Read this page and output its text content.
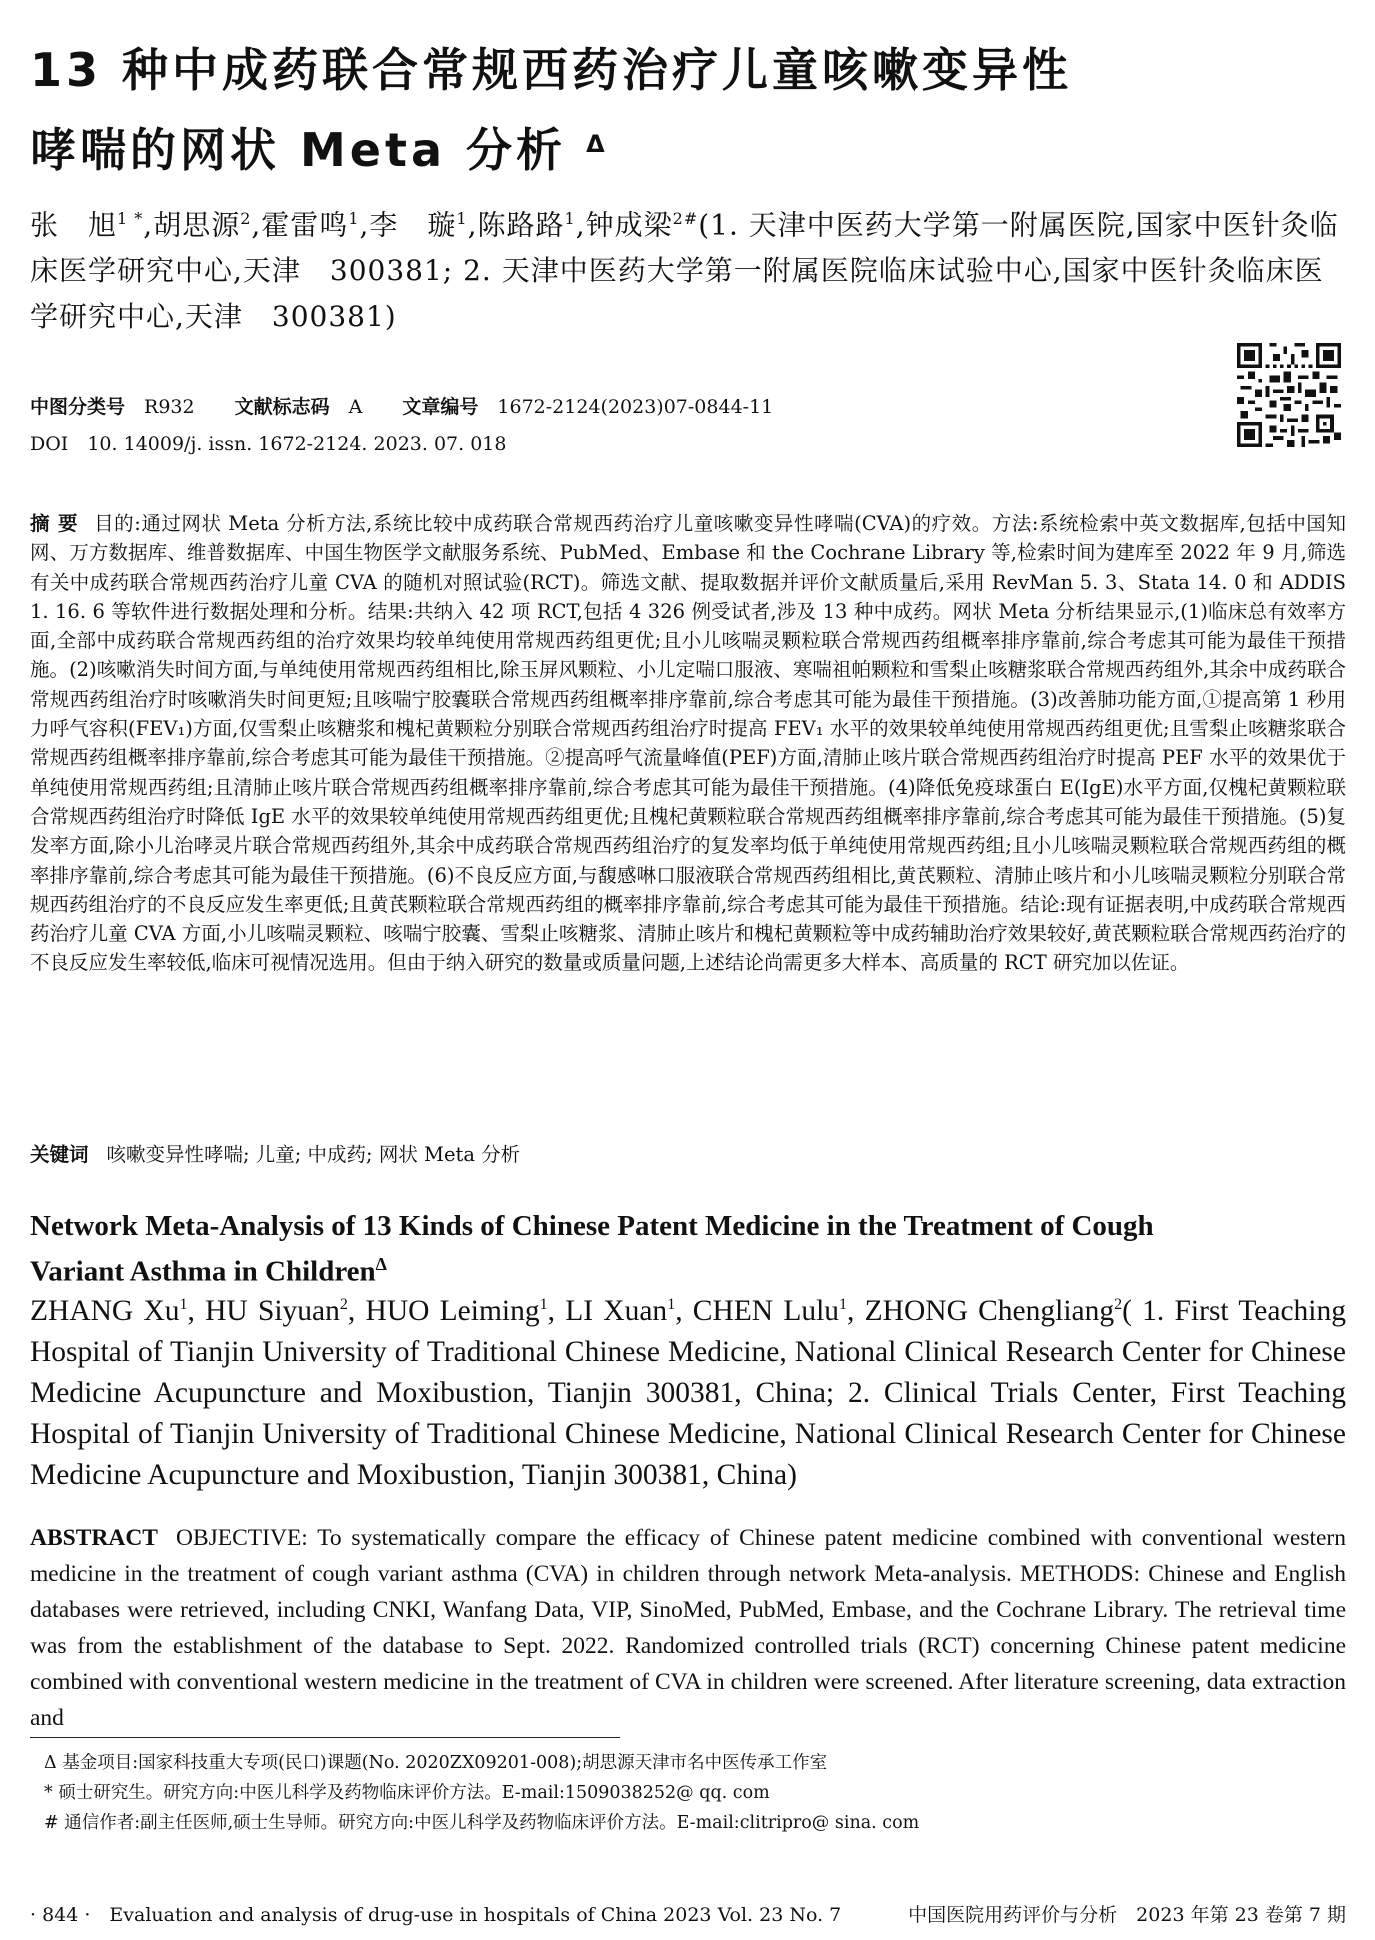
13 种中成药联合常规西药治疗儿童咳嗽变异性
哮喘的网状 Meta 分析 $^\Delta$
张　旭$^{1 *}$,胡思源$^2$,霍雷鸣$^1$,李　璇$^1$,陈路路$^1$,钟成梁$^{2\#}$(1. 天津中医药大学第一附属医院,国家中医针灸临床医学研究中心,天津　300381; 2. 天津中医药大学第一附属医院临床试验中心,国家中医针灸临床医学研究中心,天津　300381)
中图分类号　 R932 文献标志码　 A 文章编号　 1672-2124(2023)07-0844-11
DOI　 10. 14009/j. issn. 1672-2124. 2023. 07. 018
摘要 目的:通过网状 Meta 分析方法,系统比较中成药联合常规西药治疗儿童咳嗽变异性哮喘(CVA)的疗效。方法:系统检索中英文数据库,包括中国知网、万方数据库、维普数据库、中国生物医学文献服务系统、PubMed、Embase 和 the Cochrane Library 等,检索时间为建库至 2022 年 9 月,筛选有关中成药联合常规西药治疗儿童 CVA 的随机对照试验(RCT)。筛选文献、提取数据并评价文献质量后,采用 RevMan 5. 3、Stata 14. 0 和 ADDIS 1. 16. 6 等软件进行数据处理和分析。结果:共纳入 42 项 RCT,包括 4 326 例受试者,涉及 13 种中成药。网状 Meta 分析结果显示,(1)临床总有效率方面,全部中成药联合常规西药组的治疗效果均较单纯使用常规西药组更优;且小儿咳喘灵颗粒联合常规西药组概率排序靠前,综合考虑其可能为最佳干预措施。(2)咳嗽消失时间方面,与单纯使用常规西药组相比,除玉屏风颗粒、小儿定喘口服液、寒喘祖帕颗粒和雪梨止咳糖浆联合常规西药组外,其余中成药联合常规西药组治疗时咳嗽消失时间更短;且咳喘宁胶囊联合常规西药组概率排序靠前,综合考虑其可能为最佳干预措施。(3)改善肺功能方面,①提高第 1 秒用力呼气容积(FEV₁)方面,仅雪梨止咳糖浆和槐杞黄颗粒分别联合常规西药组治疗时提高 FEV₁ 水平的效果较单纯使用常规西药组更优;且雪梨止咳糖浆联合常规西药组概率排序靠前,综合考虑其可能为最佳干预措施。②提高呼气流量峰值(PEF)方面,清肺止咳片联合常规西药组治疗时提高 PEF 水平的效果优于单纯使用常规西药组;且清肺止咳片联合常规西药组概率排序靠前,综合考虑其可能为最佳干预措施。(4)降低免疫球蛋白 E(IgE)水平方面,仅槐杞黄颗粒联合常规西药组治疗时降低 IgE 水平的效果较单纯使用常规西药组更优;且槐杞黄颗粒联合常规西药组概率排序靠前,综合考虑其可能为最佳干预措施。(5)复发率方面,除小儿治哮灵片联合常规西药组外,其余中成药联合常规西药组治疗的复发率均低于单纯使用常规西药组;且小儿咳喘灵颗粒联合常规西药组的概率排序靠前,综合考虑其可能为最佳干预措施。(6)不良反应方面,与馥感啉口服液联合常规西药组相比,黄芪颗粒、清肺止咳片和小儿咳喘灵颗粒分别联合常规西药组治疗的不良反应发生率更低;且黄芪颗粒联合常规西药组的概率排序靠前,综合考虑其可能为最佳干预措施。结论:现有证据表明,中成药联合常规西药治疗儿童 CVA 方面,小儿咳喘灵颗粒、咳喘宁胶囊、雪梨止咳糖浆、清肺止咳片和槐杞黄颗粒等中成药辅助治疗效果较好,黄芪颗粒联合常规西药治疗的不良反应发生率较低,临床可视情况选用。但由于纳入研究的数量或质量问题,上述结论尚需更多大样本、高质量的 RCT 研究加以佐证。
关键词 咳嗽变异性哮喘; 儿童; 中成药; 网状 Meta 分析
Network Meta-Analysis of 13 Kinds of Chinese Patent Medicine in the Treatment of Cough
Variant Asthma in Children$^\Delta$
ZHANG Xu$^1$, HU Siyuan$^2$, HUO Leiming$^1$, LI Xuan$^1$, CHEN Lulu$^1$, ZHONG Chengliang$^2$( 1. First Teaching Hospital of Tianjin University of Traditional Chinese Medicine, National Clinical Research Center for Chinese Medicine Acupuncture and Moxibustion, Tianjin 300381, China; 2. Clinical Trials Center, First Teaching Hospital of Tianjin University of Traditional Chinese Medicine, National Clinical Research Center for Chinese Medicine Acupuncture and Moxibustion, Tianjin 300381, China)
ABSTRACT OBJECTIVE: To systematically compare the efficacy of Chinese patent medicine combined with conventional western medicine in the treatment of cough variant asthma (CVA) in children through network Meta-analysis. METHODS: Chinese and English databases were retrieved, including CNKI, Wanfang Data, VIP, SinoMed, PubMed, Embase, and the Cochrane Library. The retrieval time was from the establishment of the database to Sept. 2022. Randomized controlled trials (RCT) concerning Chinese patent medicine combined with conventional western medicine in the treatment of CVA in children were screened. After literature screening, data extraction and
Δ 基金项目:国家科技重大专项(民口)课题(No. 2020ZX09201-008);胡思源天津市名中医传承工作室
* 硕士研究生。研究方向:中医儿科学及药物临床评价方法。E-mail:1509038252@ qq. com
# 通信作者:副主任医师,硕士生导师。研究方向:中医儿科学及药物临床评价方法。E-mail:clitripro@ sina. com
· 844 ·　Evaluation and analysis of drug-use in hospitals of China 2023 Vol. 23 No. 7	中国医院用药评价与分析　2023 年第 23 卷第 7 期
